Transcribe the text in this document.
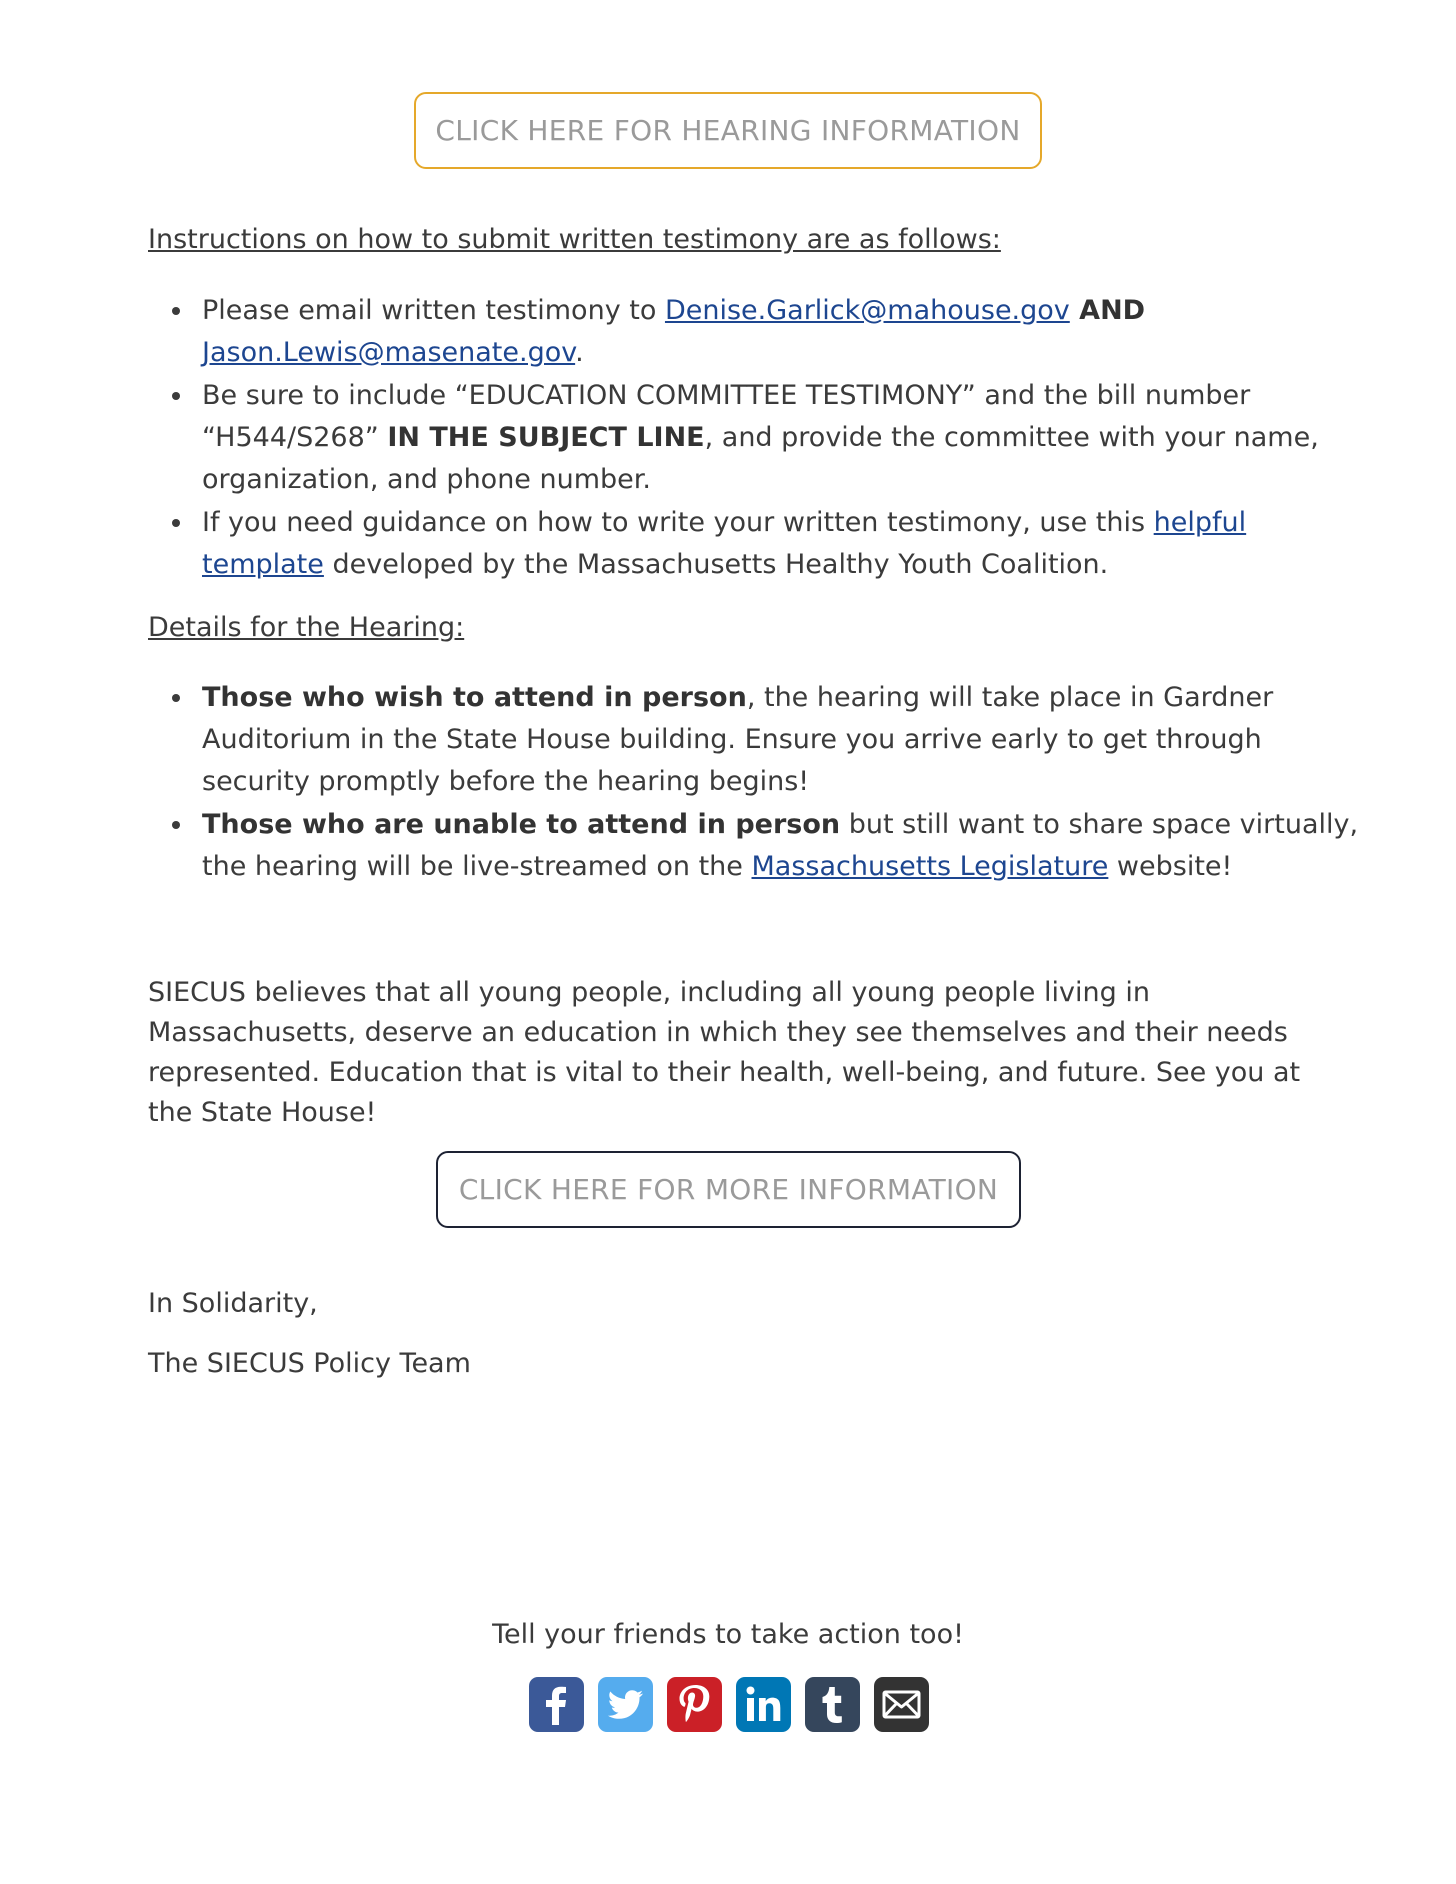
CLICK HERE FOR HEARING INFORMATION
Instructions on how to submit written testimony are as follows:
Please email written testimony to Denise.Garlick@mahouse.gov AND Jason.Lewis@masenate.gov.
Be sure to include “EDUCATION COMMITTEE TESTIMONY” and the bill number “H544/S268” IN THE SUBJECT LINE, and provide the committee with your name, organization, and phone number.
If you need guidance on how to write your written testimony, use this helpful template developed by the Massachusetts Healthy Youth Coalition.
Details for the Hearing:
Those who wish to attend in person, the hearing will take place in Gardner Auditorium in the State House building. Ensure you arrive early to get through security promptly before the hearing begins!
Those who are unable to attend in person but still want to share space virtually, the hearing will be live-streamed on the Massachusetts Legislature website!
SIECUS believes that all young people, including all young people living in Massachusetts, deserve an education in which they see themselves and their needs represented. Education that is vital to their health, well-being, and future. See you at the State House!
CLICK HERE FOR MORE INFORMATION
In Solidarity,
The SIECUS Policy Team
Tell your friends to take action too!
